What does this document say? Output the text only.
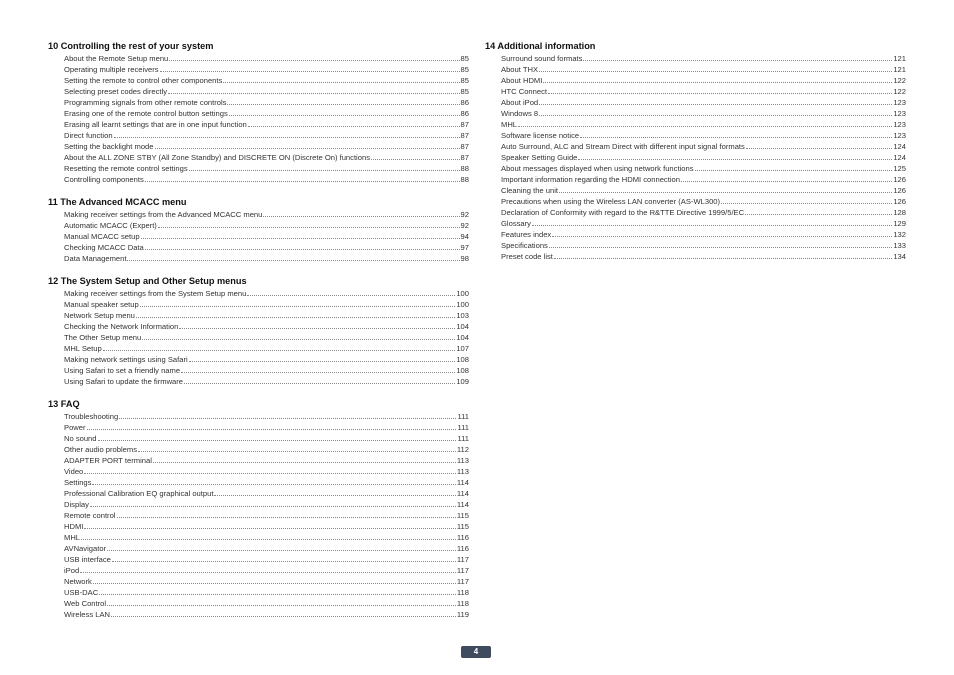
10 Controlling the rest of your system
About the Remote Setup menu	85
Operating multiple receivers	85
Setting the remote to control other components	85
Selecting preset codes directly	85
Programming signals from other remote controls	86
Erasing one of the remote control button settings	86
Erasing all learnt settings that are in one input function	87
Direct function	87
Setting the backlight mode	87
About the ALL ZONE STBY (All Zone Standby) and DISCRETE ON (Discrete On) functions	87
Resetting the remote control settings	88
Controlling components	88
11 The Advanced MCACC menu
Making receiver settings from the Advanced MCACC menu	92
Automatic MCACC (Expert)	92
Manual MCACC setup	94
Checking MCACC Data	97
Data Management	98
12 The System Setup and Other Setup menus
Making receiver settings from the System Setup menu	100
Manual speaker setup	100
Network Setup menu	103
Checking the Network Information	104
The Other Setup menu	104
MHL Setup	107
Making network settings using Safari	108
Using Safari to set a friendly name	108
Using Safari to update the firmware	109
13 FAQ
Troubleshooting	111
Power	111
No sound	111
Other audio problems	112
ADAPTER PORT terminal	113
Video	113
Settings	114
Professional Calibration EQ graphical output	114
Display	114
Remote control	115
HDMI	115
MHL	116
AVNavigator	116
USB interface	117
iPod	117
Network	117
USB-DAC	118
Web Control	118
Wireless LAN	119
14 Additional information
Surround sound formats	121
About THX	121
About HDMI	122
HTC Connect	122
About iPod	123
Windows 8	123
MHL	123
Software license notice	123
Auto Surround, ALC and Stream Direct with different input signal formats	124
Speaker Setting Guide	124
About messages displayed when using network functions	125
Important information regarding the HDMI connection	126
Cleaning the unit	126
Precautions when using the Wireless LAN converter (AS-WL300)	126
Declaration of Conformity with regard to the R&TTE Directive 1999/5/EC	128
Glossary	129
Features index	132
Specifications	133
Preset code list	134
4
